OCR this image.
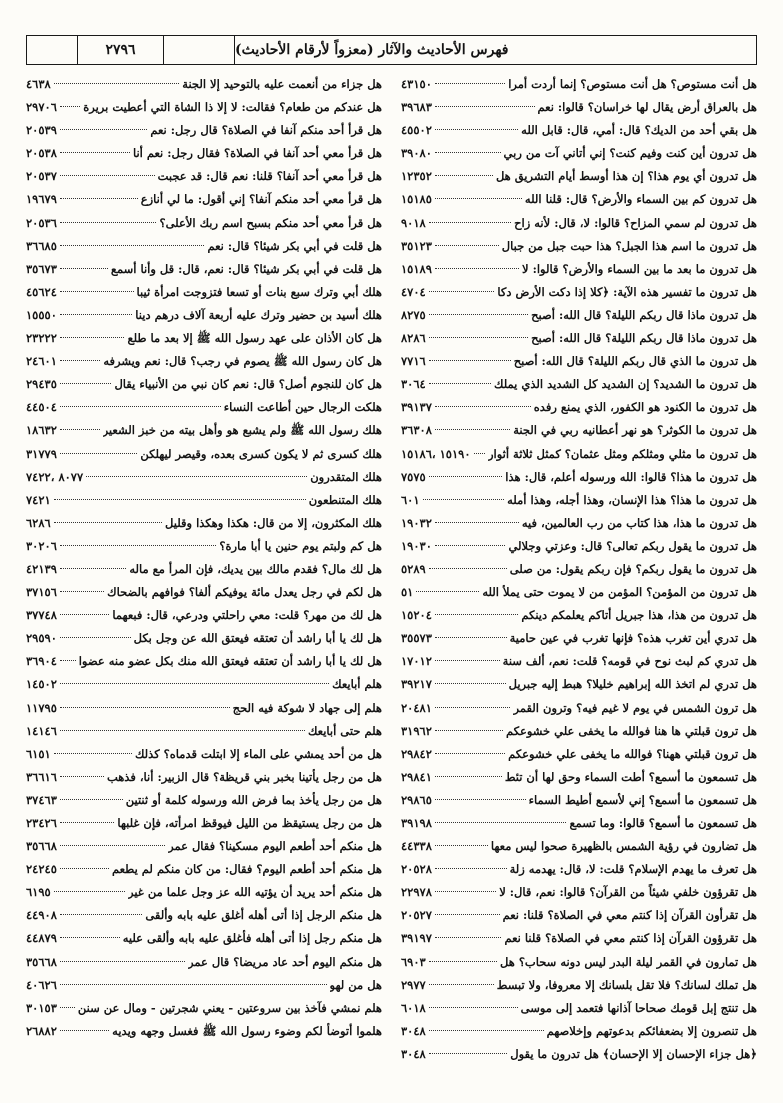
٢٧٩٦	فهرس الأحاديث والآثار (معزواً لأرقام الأحاديث)
هل جزاء من أنعمت عليه بالتوحيد إلا الجنة
٤٦٣٨
هل عندكم من طعام؟ فقالت: لا إلا ذا الشاة التي أعطيت بريرة
٢٩٧٠٦
هل قرأ أحد منكم آنفا في الصلاة؟ قال رجل: نعم
٢٠٥٣٩
هل قرأ معي أحد آنفا في الصلاة؟ فقال رجل: نعم أنا
٢٠٥٣٨
هل قرأ معي أحد آنفا؟ قلنا: نعم قال: قد عجبت
٢٠٥٣٧
هل قرأ معي أحد منكم آنفا؟ إني أقول: ما لي أنازع
١٩٦٧٩
هل قرأ معي أحد منكم بسبح اسم ربك الأعلى؟
٢٠٥٣٦
هل قلت في أبي بكر شيئا؟ قال: نعم
٣٦٦٨٥
هل قلت في أبي بكر شيئا؟ قال: نعم، قال: قل وأنا أسمع
٣٥٦٧٣
هلك أبي وترك سبع بنات أو تسعا فتزوجت امرأة ثيبا
٤٥٦٢٤
هلك أسيد بن حضير وترك عليه أربعة آلاف درهم دينا
١٥٥٥٠
هل كان الأذان على عهد رسول الله ﷺ إلا بعد ما طلع
٢٣٢٢٢
هل كان رسول الله ﷺ يصوم في رجب؟ قال: نعم ويشرفه
٢٤٦٠١
هل كان للنجوم أصل؟ قال: نعم كان نبي من الأنبياء يقال
٢٩٤٣٥
هلكت الرجال حين أطاعت النساء
٤٤٥٠٤
هلك رسول الله ﷺ ولم يشبع هو وأهل بيته من خبز الشعير
١٨٦٣٢
هلك كسرى ثم لا يكون كسرى بعده، وقيصر ليهلكن
٣١٧٧٩
هلك المتقدرون
٨٠٧٧ ،٧٤٢٢
هلك المتنطعون
٧٤٢١
هلك المكثرون، إلا من قال: هكذا وهكذا وقليل
٦٢٨٦
هل كم ولبتم يوم حنين يا أبا مارة؟
٣٠٢٠٦
هل لك مال؟ فقدم مالك بين يديك، فإن المرأ مع ماله
٤٢١٣٩
هل لكم في رجل يعدل مائة يوفيكم ألفا؟ فوافهم بالضحاك
٣٧١٥٦
هل لك من مهر؟ قلت: معي راحلتي ودرعي، قال: فبعهما
٣٧٧٤٨
هل لك يا أبا راشد أن تعتقه فيعتق الله عن وجل بكل
٢٩٥٩٠
هل لك يا أبا راشد أن تعتقه فيعتق الله منك بكل عضو منه عضوا
٣٦٩٠٤
هلم أبايعك
١٤٥٠٢
هلم إلى جهاد لا شوكة فيه الحج
١١٧٩٥
هلم حتى أبايعك
١٤١٤٦
هل من أحد يمشي على الماء إلا ابتلت قدماه؟ كذلك
٦١٥١
هل من رجل يأتينا بخبر بني قريظة؟ قال الزبير: أنا، فذهب
٣٦٦١٦
هل من رجل يأخذ بما فرض الله ورسوله كلمة أو ثنتين
٣٧٤٦٣
هل من رجل يستيقظ من الليل فيوقظ امرأته، فإن غلبها
٢٣٤٢٦
هل منكم أحد أطعم اليوم مسكينا؟ فقال عمر
٣٥٦٦٨
هل منكم أحد أطعم اليوم؟ فقال: من كان منكم لم يطعم
٢٤٢٤٥
هل منكم أحد يريد أن يؤتيه الله عز وجل علما من غير
٦١٩٥
هل منكم الرجل إذا أتى أهله أغلق عليه بابه وألقى
٤٤٩٠٨
هل منكم رجل إذا أتى أهله فأغلق عليه بابه وألقى عليه
٤٤٨٧٩
هل منكم اليوم أحد عاد مريضا؟ قال عمر
٣٥٦٦٨
هل من لهو
٤٠٦٢٦
هلم نمشي فآخذ بين سروعتين - يعني شجرتين - ومال عن سنن
٣٠١٥٣
هلموا أتوضأ لكم وضوء رسول الله ﷺ فغسل وجهه ويديه
٢٦٨٨٢
هل أنت مستوص؟ هل أنت مستوص؟ إنما أردت أمرا
٤٣١٥٠
هل بالعراق أرض يقال لها خراسان؟ قالوا: نعم
٣٩٦٨٣
هل بقي أحد من الديك؟ قال: أمي، قال: قابل الله
٤٥٥٠٢
هل تدرون أين كنت وفيم كنت؟ إني أتاني آت من ربي
٣٩٠٨٠
هل تدرون أي يوم هذا؟ إن هذا أوسط أيام التشريق هل
١٢٣٥٢
هل تدرون كم بين السماء والأرض؟ قال: قلنا الله
١٥١٨٥
هل تدرون لم سمي المزاح؟ قالوا: لا، قال: لأنه زاح
٩٠١٨
هل تدرون ما اسم هذا الجبل؟ هذا حبت جبل من جبال
٣٥١٢٣
هل تدرون ما بعد ما بين السماء والأرض؟ قالوا: لا
١٥١٨٩
هل تدرون ما تفسير هذه الآية: ﴿كلا إذا دكت الأرض دكا
٤٧٠٤
هل تدرون ماذا قال ربكم الليلة؟ قال الله: أصبح
٨٢٧٥
هل تدرون ماذا قال ربكم الليلة؟ قال الله: أصبح
٨٢٨٦
هل تدرون ما الذي قال ربكم الليلة؟ قال الله: أصبح
٧٧١٦
هل تدرون ما الشديد؟ إن الشديد كل الشديد الذي يملك
٣٠٦٤
هل تدرون ما الكنود هو الكفور، الذي يمنع رفده
٣٩١٣٧
هل تدرون ما الكوثر؟ هو نهر أعطانيه ربي في الجنة
٣٦٣٠٨
هل تدرون ما مثلي ومثلكم ومثل عثمان؟ كمثل ثلاثة أثوار
١٥١٩٠ ،١٥١٨٦
هل تدرون ما هذا؟ قالوا: الله ورسوله أعلم، قال: هذا
٧٥٧٥
هل تدرون ما هذا؟ هذا الإنسان، وهذا أجله، وهذا أمله
٦٠١
هل تدرون ما هذا، هذا كتاب من رب العالمين، فيه
١٩٠٣٢
هل تدرون ما يقول ربكم تعالى؟ قال: وعزتي وجلالي
١٩٠٣٠
هل تدرون ما يقول ربكم؟ فإن ربكم يقول: من صلى
٥٢٨٩
هل تدرون من المؤمن؟ المؤمن من لا يموت حتى يملأ الله
٥١
هل تدرون من هذا، هذا جبريل أتاكم يعلمكم دينكم
١٥٢٠٤
هل تدري أين تغرب هذه؟ فإنها تغرب في عين حامية
٣٥٥٧٣
هل تدري كم لبث نوح في قومه؟ قلت: نعم، ألف سنة
١٧٠١٢
هل تدري لم اتخذ الله إبراهيم خليلا؟ هبط إليه جبريل
٣٩٢١٧
هل ترون الشمس في يوم لا غيم فيه؟ وترون القمر
٢٠٤٨١
هل ترون قبلتي ها هنا فوالله ما يخفى علي خشوعكم
٣١٩٦٢
هل ترون قبلتي ههنا؟ فوالله ما يخفى علي خشوعكم
٢٩٨٤٢
هل تسمعون ما أسمع؟ أطت السماء وحق لها أن تئط
٢٩٨٤١
هل تسمعون ما أسمع؟ إني لأسمع أطيط السماء
٢٩٨٦٥
هل تسمعون ما أسمع؟ قالوا: وما تسمع
٣٩١٩٨
هل تضارون في رؤية الشمس بالظهيرة صحوا ليس معها
٤٤٣٣٨
هل تعرف ما يهدم الإسلام؟ قلت: لا، قال: يهدمه زلة
٢٠٥٢٨
هل تقرؤون خلفي شيئاً من القرآن؟ قالوا: نعم، قال: لا
٢٢٩٧٨
هل تقرأون القرآن إذا كنتم معي في الصلاة؟ قلنا: نعم
٢٠٥٢٧
هل تقرؤون القرآن إذا كنتم معي في الصلاة؟ قلنا نعم
٣٩١٩٧
هل تمارون في القمر ليلة البدر ليس دونه سحاب؟ هل
٦٩٠٣
هل تملك لسانك؟ فلا تقل بلسانك إلا معروفا، ولا تبسط
٢٩٧٧
هل تنتج إبل قومك صحاحا آذانها فتعمد إلى موسى
٦٠١٨
هل تنصرون إلا بضعفائكم بدعوتهم وإخلاصهم
٣٠٤٨
﴿هل جزاء الإحسان إلا الإحسان﴾ هل تدرون ما يقول
٣٠٤٨
